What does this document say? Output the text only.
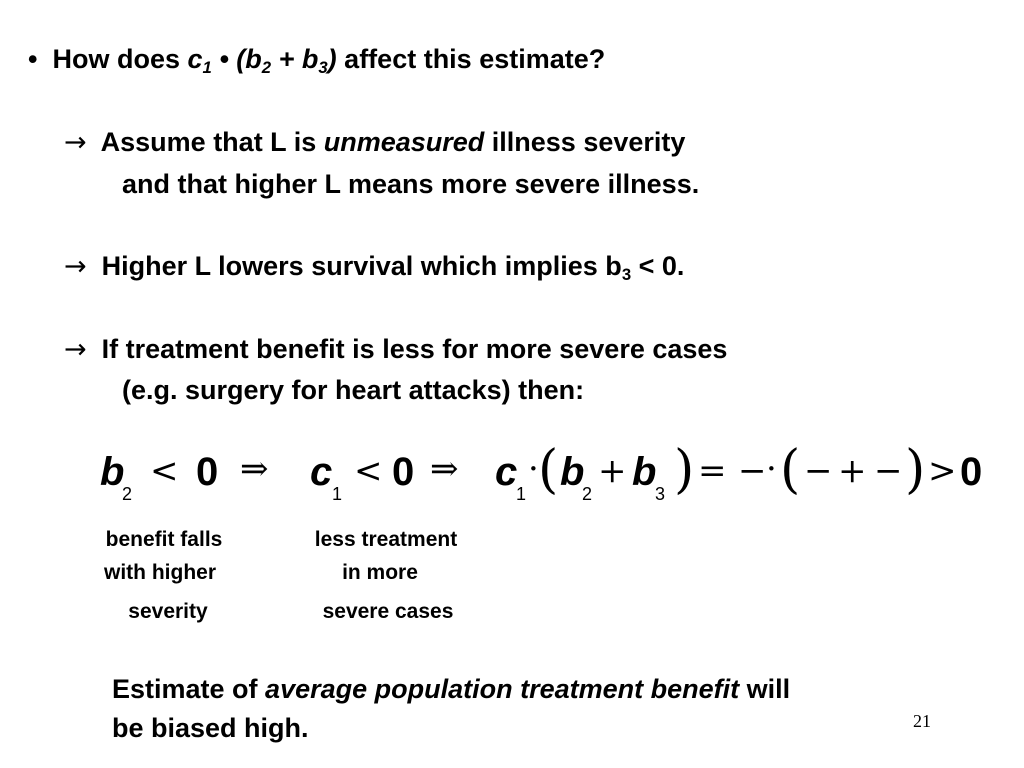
• How does c1 • (b2 + b3) affect this estimate?
→ Assume that L is unmeasured illness severity
and that higher L means more severe illness.
→ Higher L lowers survival which implies b3 < 0.
→ If treatment benefit is less for more severe cases
(e.g. surgery for heart attacks) then:
b
2
< 0 ⇒ c 1
< 0 ⇒ c
1
· ( b
2
+ b
3 ) = − · ( − + − ) > 0
benefit falls
with higher
severity
less treatment
in more
severe cases
Estimate of average population treatment benefit will
be biased high.	21
